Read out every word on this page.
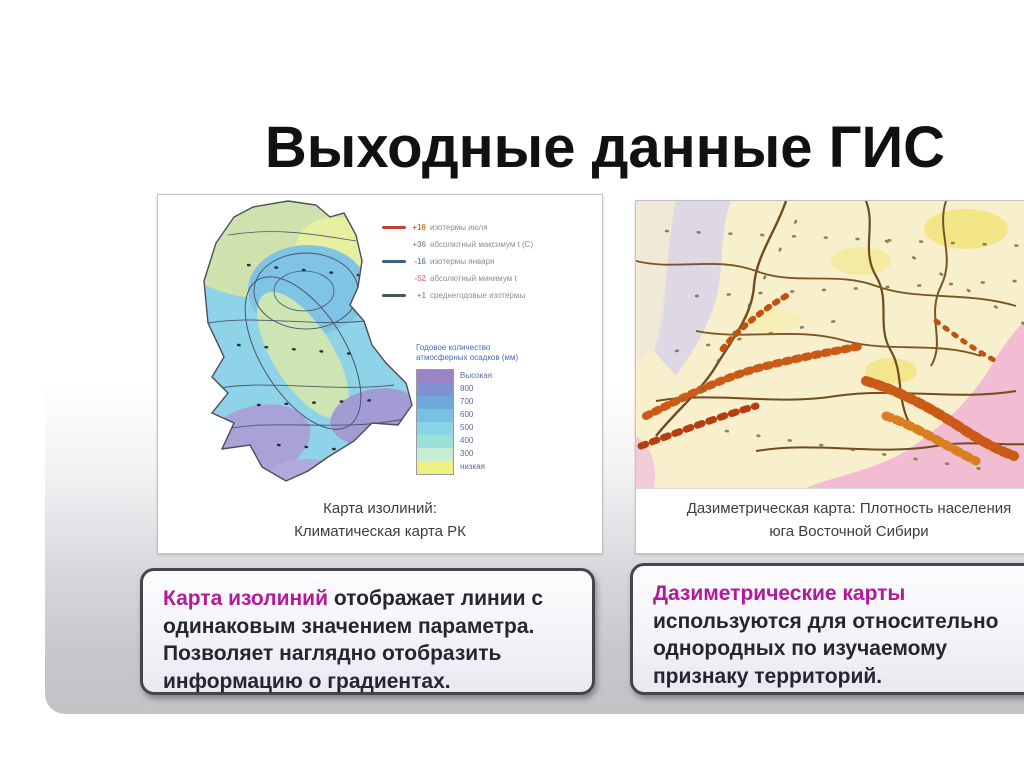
Выходные данные ГИС
+16 изотермы июля
+36 абсолютный максимум t (C)
-16 изотермы января
-52 абсолютный минимум t
+1 среднегодовые изотермы
Годовое количество
атмосферных осадков (мм)
Высокая
800
700
600
500
400
300
низкая
Карта изолиний:
Климатическая карта РК
Дазиметрическая карта: Плотность населения
юга Восточной Сибири
Карта изолиний отображает линии с одинаковым значением параметра. Позволяет наглядно отобразить информацию о градиентах.
Дазиметрические карты
используются для относительно однородных по изучаемому признаку территорий.
